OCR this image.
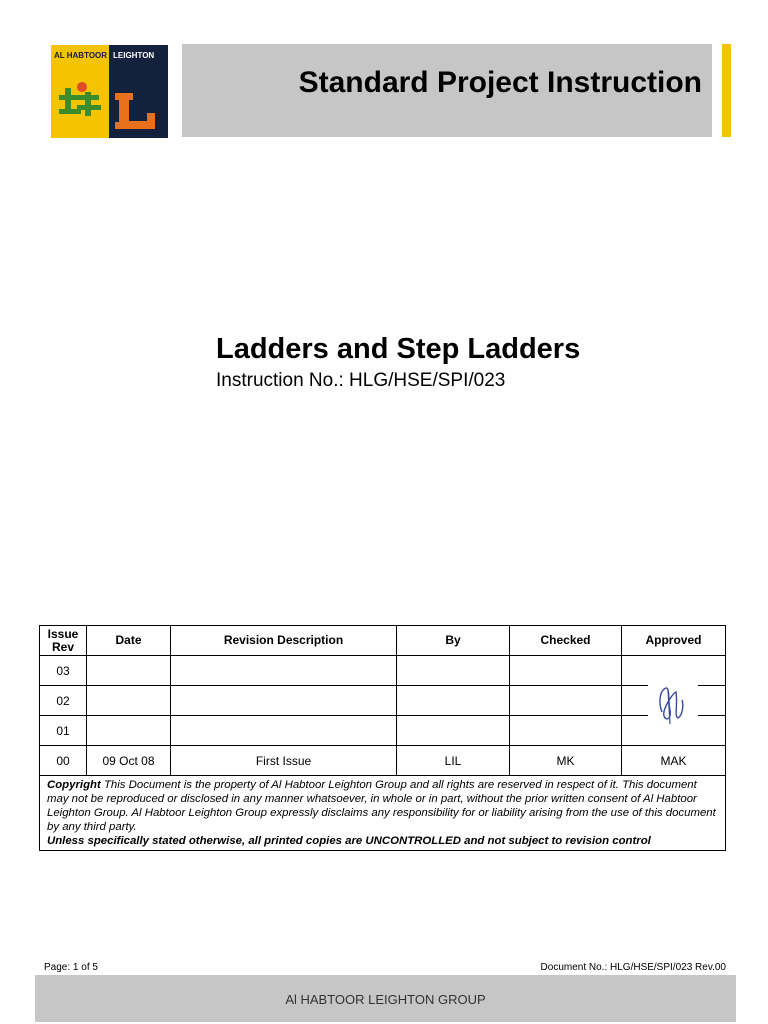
AL HABTOOR LEIGHTON
Standard Project Instruction
Ladders and Step Ladders
Instruction No.: HLG/HSE/SPI/023
Issue Rev	Date	Revision Description	By	Checked	Approved
03					
02					

01					
00	09 Oct 08	First Issue	LIL	MK	MAK
Copyright This Document is the property of Al Habtoor Leighton Group and all rights are reserved in respect of it. This document may not be reproduced or disclosed in any manner whatsoever, in whole or in part, without the prior written consent of Al Habtoor Leighton Group. Al Habtoor Leighton Group expressly disclaims any responsibility for or liability arising from the use of this document by any third party.
Unless specifically stated otherwise, all printed copies are UNCONTROLLED and not subject to revision control					
Page: 1 of 5	Document No.: HLG/HSE/SPI/023 Rev.00
Al HABTOOR LEIGHTON GROUP
